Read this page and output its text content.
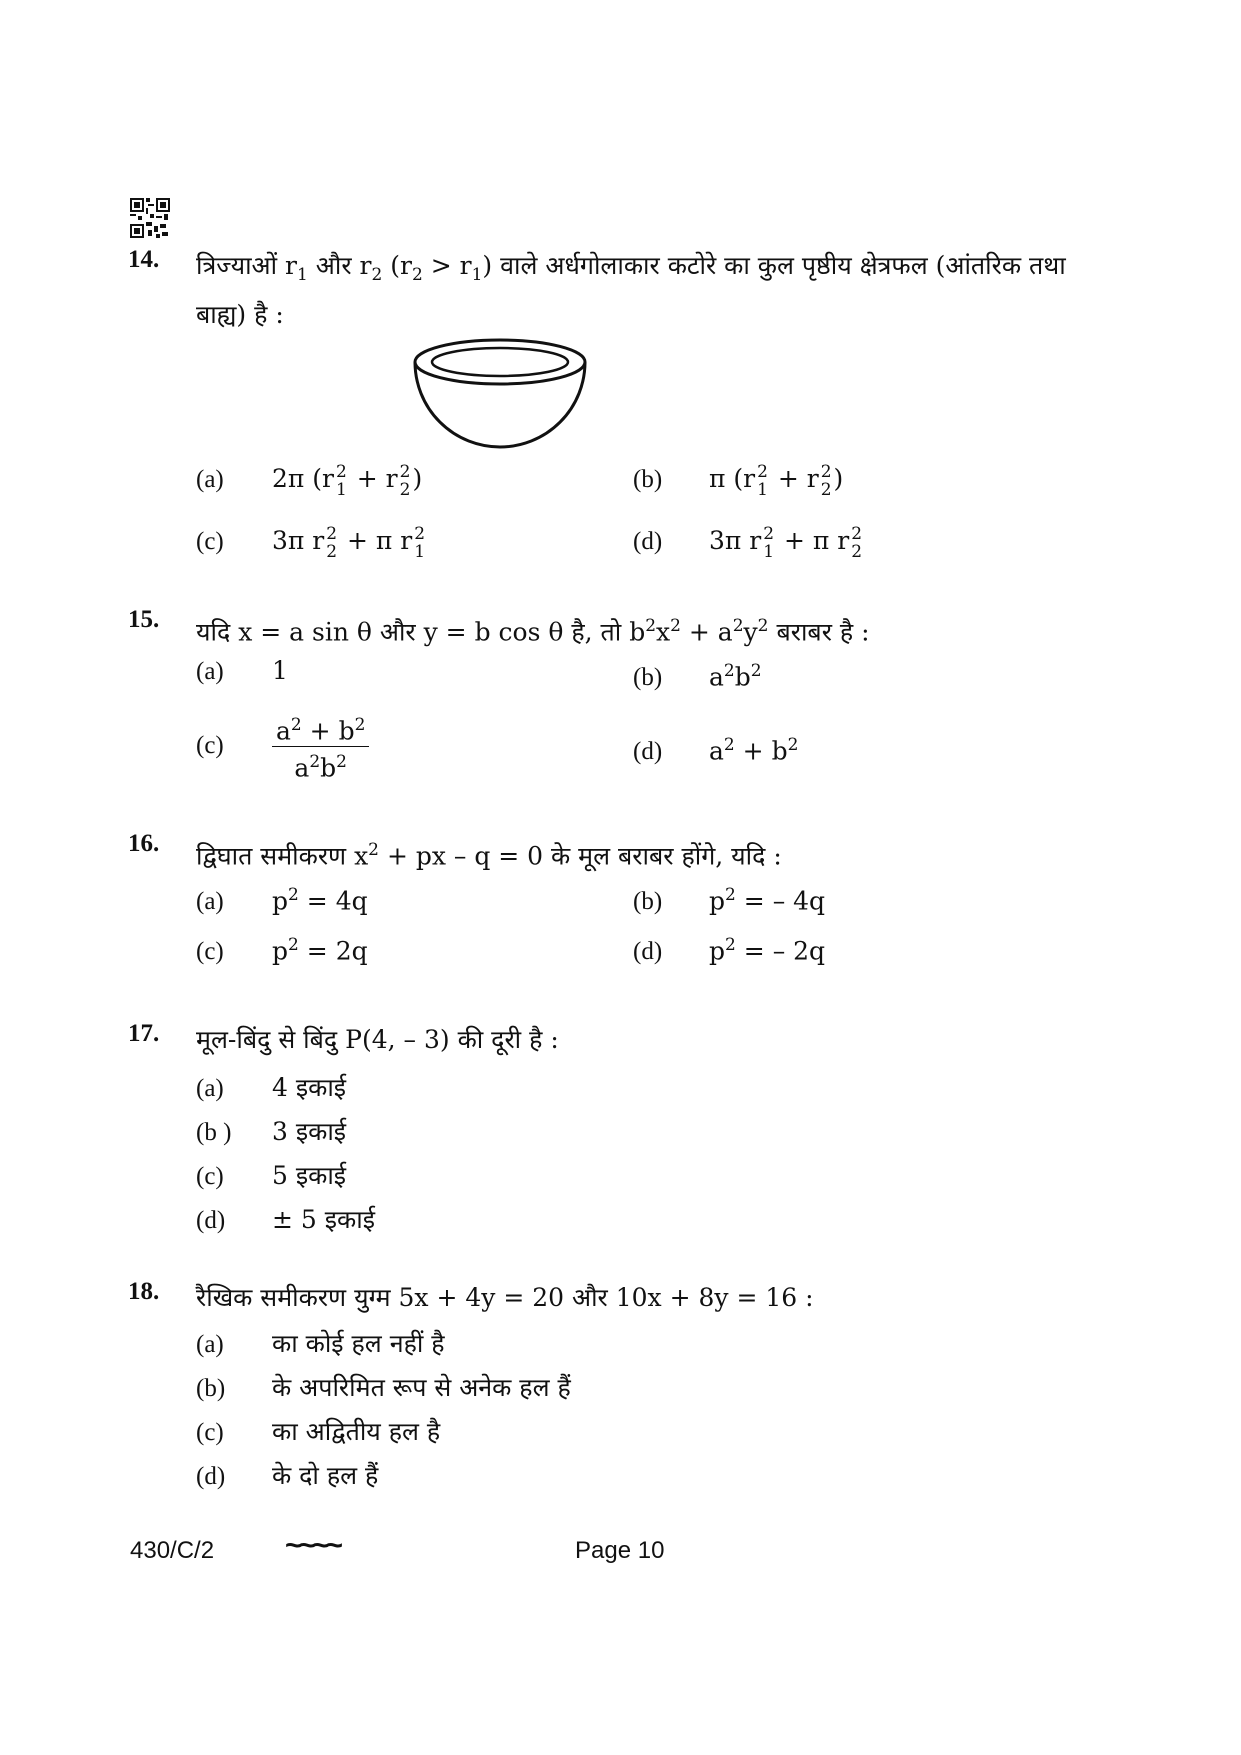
14. त्रिज्याओं $r_1$ और $r_2$ $(r_2 > r_1)$ वाले अर्धगोलाकार कटोरे का कुल पृष्ठीय क्षेत्रफल (आंतरिक तथा बाह्य) है :
(a) 2π (r 2
1 + r 2
2 )	(b) π (r 2
1 + r 2
2 )
(c) 3π r 2
2 + π r 2
1	(d) 3π r 2
1 + π r 2
2
15. यदि x = a sin θ और y = b cos θ है, तो $b^2x^2 + a^2y^2$ बराबर है :
(a) 1	(b) $a^2b^2$
$(c) \frac{a^2 + b^2}{a^2b^2}$	(d) $a^2 + b^2$
16. द्विघात समीकरण $x^2$ + px – q = 0 के मूल बराबर होंगे, यदि :
(a) $p^2 = 4q$	(b) $p^2$ = – 4q
(c) $p^2 = 2q$	(d) $p^2$ = – 2q
17. मूल-बिंदु से बिंदु P(4, – 3) की दूरी है :
(a) 4 इकाई
(b ) 3 इकाई
(c) 5 इकाई
(d) ± 5 इकाई
18. रैखिक समीकरण युग्म 5x + 4y = 20 और 10x + 8y = 16 :
(a) का कोई हल नहीं है
(b) के अपरिमित रूप से अनेक हल हैं
(c) का अद्वितीय हल है
(d) के दो हल हैं
430/C/2 ~~~~	Page 10
